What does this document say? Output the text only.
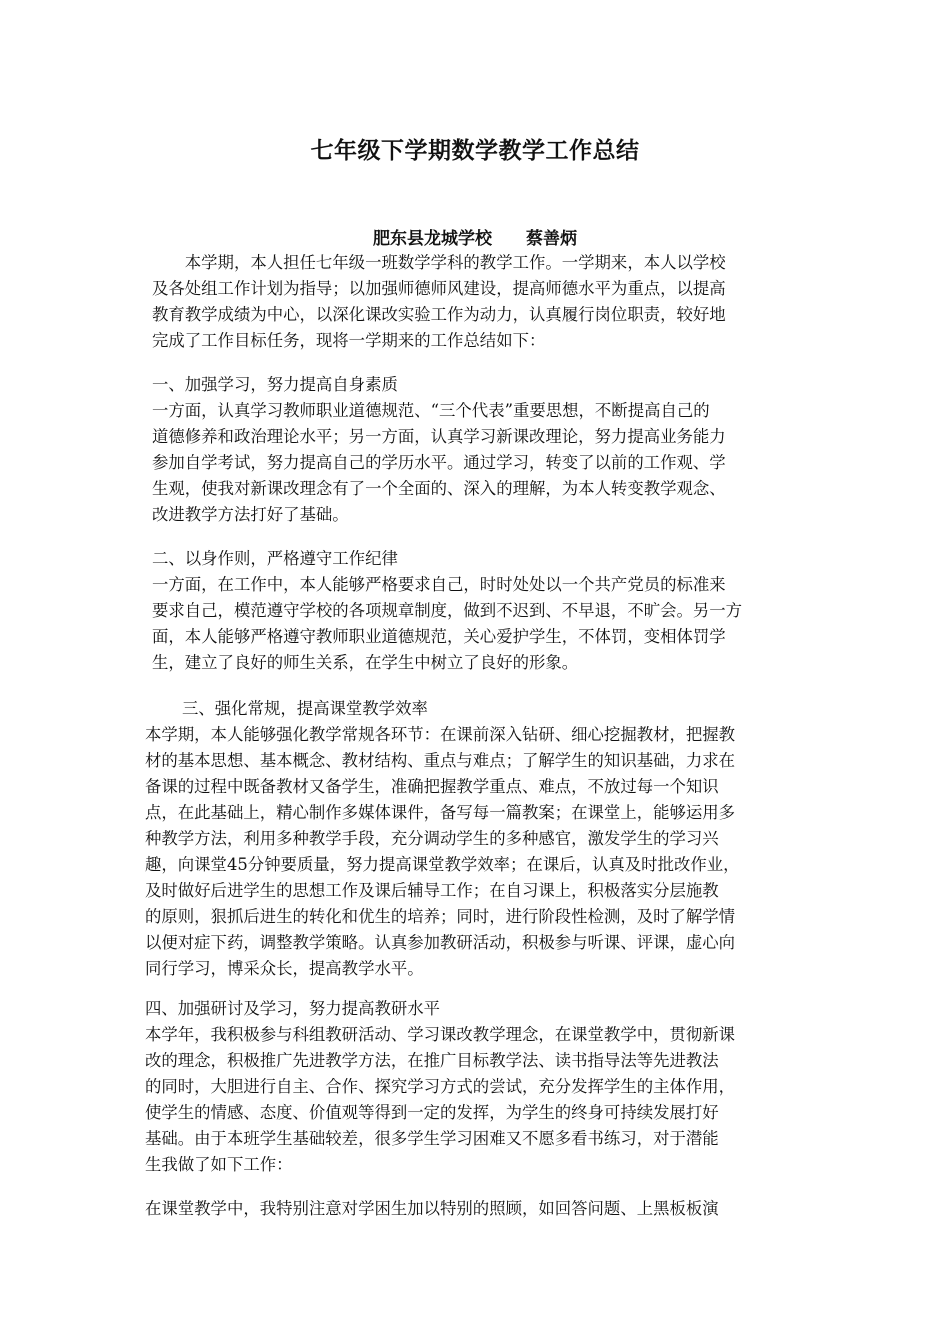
七年级下学期数学教学工作总结
肥东县龙城学校　　蔡善炳
　　本学期，本人担任七年级一班数学学科的教学工作。一学期来，本人以学校
及各处组工作计划为指导；以加强师德师风建设，提高师德水平为重点，以提高
教育教学成绩为中心，以深化课改实验工作为动力，认真履行岗位职责，较好地
完成了工作目标任务，现将一学期来的工作总结如下：
一、加强学习，努力提高自身素质
一方面，认真学习教师职业道德规范、“三个代表”重要思想，不断提高自己的
道德修养和政治理论水平；另一方面，认真学习新课改理论，努力提高业务能力
参加自学考试，努力提高自己的学历水平。通过学习，转变了以前的工作观、学
生观，使我对新课改理念有了一个全面的、深入的理解，为本人转变教学观念、
改进教学方法打好了基础。
二、以身作则，严格遵守工作纪律
一方面，在工作中，本人能够严格要求自己，时时处处以一个共产党员的标准来
要求自己，模范遵守学校的各项规章制度，做到不迟到、不早退，不旷会。另一方
面，本人能够严格遵守教师职业道德规范，关心爱护学生，不体罚，变相体罚学
生，建立了良好的师生关系，在学生中树立了良好的形象。
三、强化常规，提高课堂教学效率
本学期，本人能够强化教学常规各环节：在课前深入钻研、细心挖掘教材，把握教
材的基本思想、基本概念、教材结构、重点与难点；了解学生的知识基础，力求在
备课的过程中既备教材又备学生，准确把握教学重点、难点，不放过每一个知识
点，在此基础上，精心制作多媒体课件，备写每一篇教案；在课堂上，能够运用多
种教学方法，利用多种教学手段，充分调动学生的多种感官，激发学生的学习兴
趣，向课堂45分钟要质量，努力提高课堂教学效率；在课后，认真及时批改作业，
及时做好后进学生的思想工作及课后辅导工作；在自习课上，积极落实分层施教
的原则，狠抓后进生的转化和优生的培养；同时，进行阶段性检测，及时了解学情
以便对症下药，调整教学策略。认真参加教研活动，积极参与听课、评课，虚心向
同行学习，博采众长，提高教学水平。
四、加强研讨及学习，努力提高教研水平
本学年，我积极参与科组教研活动、学习课改教学理念，在课堂教学中，贯彻新课
改的理念，积极推广先进教学方法，在推广目标教学法、读书指导法等先进教法
的同时，大胆进行自主、合作、探究学习方式的尝试，充分发挥学生的主体作用，
使学生的情感、态度、价值观等得到一定的发挥，为学生的终身可持续发展打好
基础。由于本班学生基础较差，很多学生学习困难又不愿多看书练习，对于潜能
生我做了如下工作：
在课堂教学中，我特别注意对学困生加以特别的照顾，如回答问题、上黑板板演
